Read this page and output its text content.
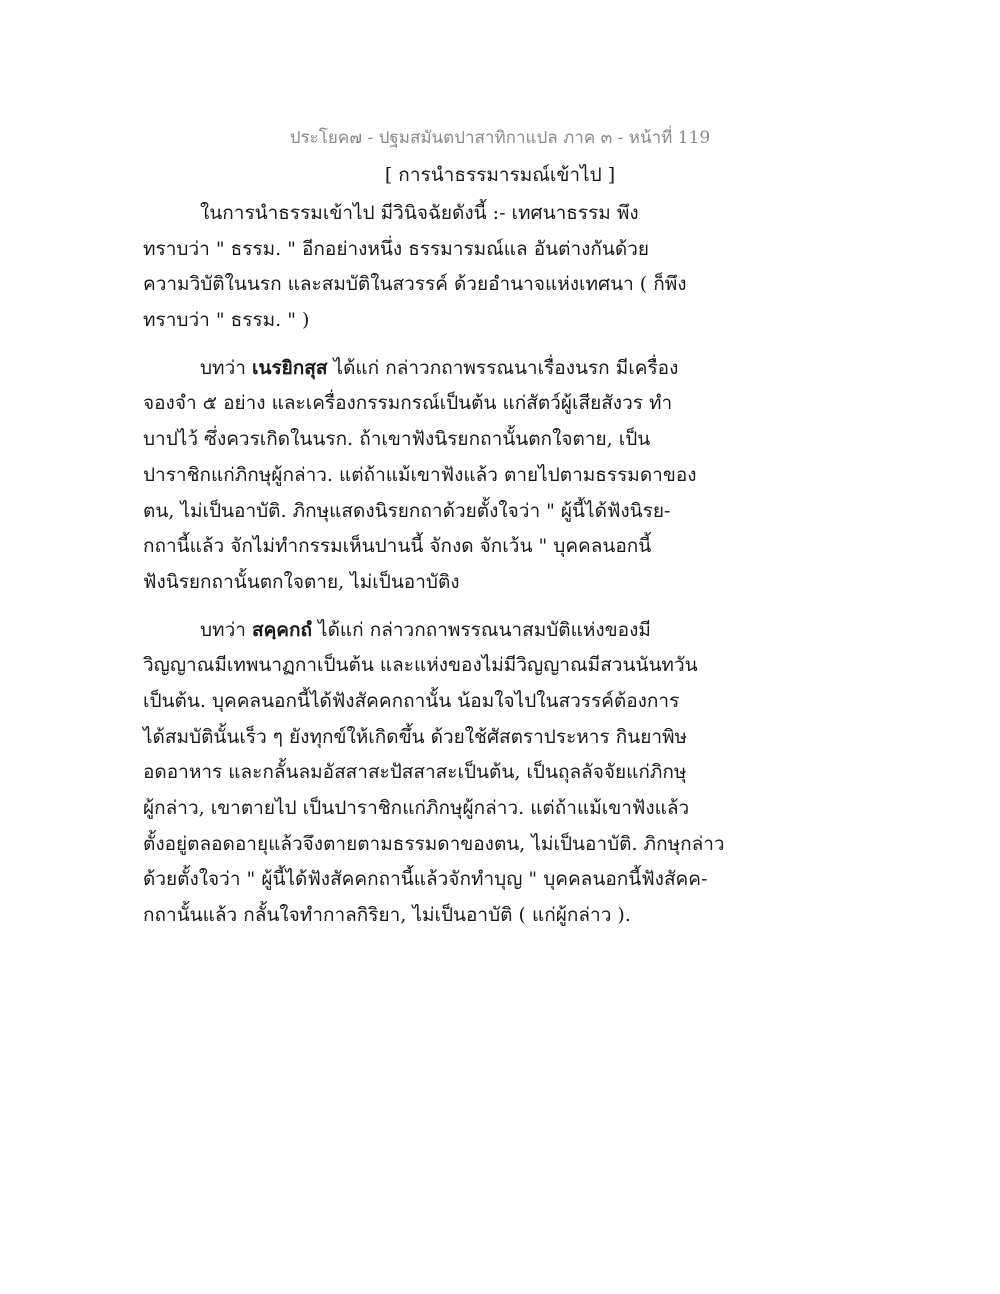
ประโยค๗ - ปฐมสมันตปาสาทิกาแปล ภาค ๓ - หน้าที่ 119
[ การนำธรรมารมณ์เข้าไป ]
ในการนำธรรมเข้าไป มีวินิจฉัยดังนี้ :- เทศนาธรรม พึง
ทราบว่า " ธรรม. " อีกอย่างหนึ่ง ธรรมารมณ์แล อันต่างกันด้วย
ความวิบัติในนรก และสมบัติในสวรรค์ ด้วยอำนาจแห่งเทศนา ( ก็พึง
ทราบว่า " ธรรม. " )
บทว่า เนรยิกสุส ได้แก่ กล่าวกถาพรรณนาเรื่องนรก มีเครื่อง
จองจำ ๕ อย่าง และเครื่องกรรมกรณ์เป็นต้น แก่สัตว์ผู้เสียสังวร ทำ
บาปไว้ ซึ่งควรเกิดในนรก. ถ้าเขาฟังนิรยกถานั้นตกใจตาย, เป็น
ปาราชิกแก่ภิกษุผู้กล่าว. แต่ถ้าแม้เขาฟังแล้ว ตายไปตามธรรมดาของ
ตน, ไม่เป็นอาบัติ. ภิกษุแสดงนิรยกถาด้วยตั้งใจว่า " ผู้นี้ได้ฟังนิรย-
กถานี้แล้ว จักไม่ทำกรรมเห็นปานนี้ จักงด จักเว้น " บุคคลนอกนี้
ฟังนิรยกถานั้นตกใจตาย, ไม่เป็นอาบัติง
บทว่า สคฺคกถํ ได้แก่ กล่าวกถาพรรณนาสมบัติแห่งของมี
วิญญาณมีเทพนาฏกาเป็นต้น และแห่งของไม่มีวิญญาณมีสวนนันทวัน
เป็นต้น. บุคคลนอกนี้ได้ฟังสัคคกถานั้น น้อมใจไปในสวรรค์ต้องการ
ได้สมบัตินั้นเร็ว ๆ ยังทุกข์ให้เกิดขึ้น ด้วยใช้ศัสตราประหาร กินยาพิษ
อดอาหาร และกลั้นลมอัสสาสะปัสสาสะเป็นต้น, เป็นถุลลัจจัยแก่ภิกษุ
ผู้กล่าว, เขาตายไป เป็นปาราชิกแก่ภิกษุผู้กล่าว. แต่ถ้าแม้เขาฟังแล้ว
ตั้งอยู่ตลอดอายุแล้วจึงตายตามธรรมดาของตน, ไม่เป็นอาบัติ. ภิกษุกล่าว
ด้วยตั้งใจว่า " ผู้นี้ได้ฟังสัคคกถานี้แล้วจักทำบุญ " บุคคลนอกนี้ฟังสัคค-
กถานั้นแล้ว กลั้นใจทำกาลกิริยา, ไม่เป็นอาบัติ ( แก่ผู้กล่าว ).
